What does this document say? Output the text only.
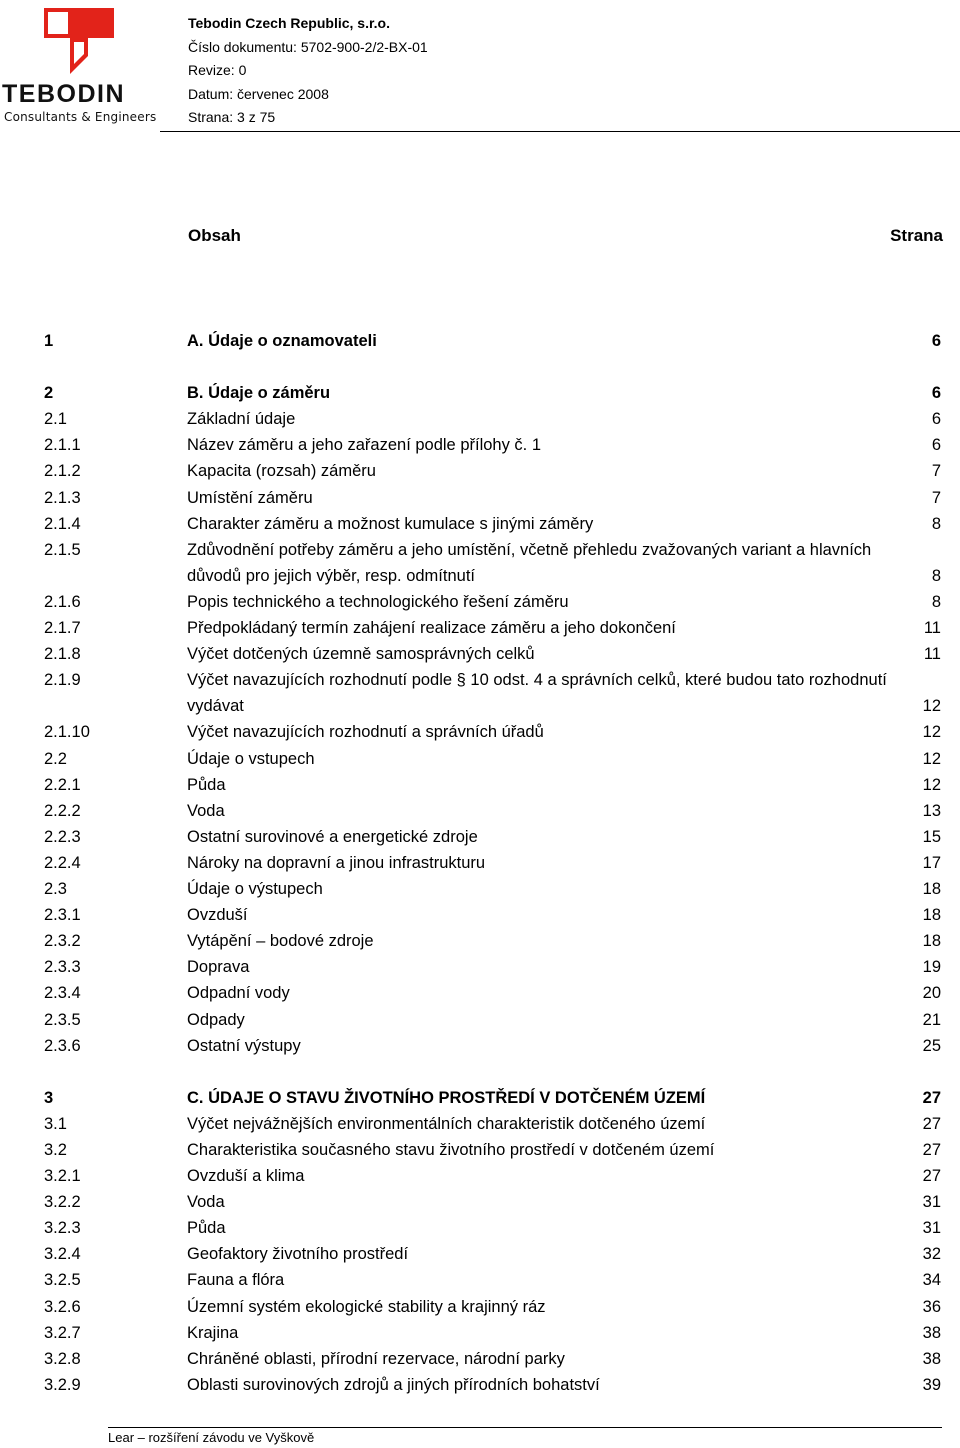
TEBODIN
Consultants & Engineers
Tebodin Czech Republic, s.r.o.
Číslo dokumentu: 5702-900-2/2-BX-01
Revize: 0
Datum: červenec 2008
Strana: 3 z 75
Obsah	Strana
1	A. Údaje o oznamovateli	6
2	B. Údaje o záměru	6
2.1	Základní údaje	6
2.1.1	Název záměru a jeho zařazení podle přílohy č. 1	6
2.1.2	Kapacita (rozsah) záměru	7
2.1.3	Umístění záměru	7
2.1.4	Charakter záměru a možnost kumulace s jinými záměry	8
2.1.5	Zdůvodnění potřeby záměru a jeho umístění, včetně přehledu zvažovaných variant a hlavních
důvodů pro jejich výběr, resp. odmítnutí	8
2.1.6	Popis technického a technologického řešení záměru	8
2.1.7	Předpokládaný termín zahájení realizace záměru a jeho dokončení	11
2.1.8	Výčet dotčených územně samosprávných celků	11
2.1.9	Výčet navazujících rozhodnutí podle § 10 odst. 4 a správních celků, které budou tato rozhodnutí
vydávat	12
2.1.10	Výčet navazujících rozhodnutí a správních úřadů	12
2.2	Údaje o vstupech	12
2.2.1	Půda	12
2.2.2	Voda	13
2.2.3	Ostatní surovinové a energetické zdroje	15
2.2.4	Nároky na dopravní a jinou infrastrukturu	17
2.3	Údaje o výstupech	18
2.3.1	Ovzduší	18
2.3.2	Vytápění – bodové zdroje	18
2.3.3	Doprava	19
2.3.4	Odpadní vody	20
2.3.5	Odpady	21
2.3.6	Ostatní výstupy	25
3	C. ÚDAJE O STAVU ŽIVOTNÍHO PROSTŘEDÍ V DOTČENÉM ÚZEMÍ	27
3.1	Výčet nejvážnějších environmentálních charakteristik dotčeného území	27
3.2	Charakteristika současného stavu životního prostředí v dotčeném území	27
3.2.1	Ovzduší a klima	27
3.2.2	Voda	31
3.2.3	Půda	31
3.2.4	Geofaktory životního prostředí	32
3.2.5	Fauna a flóra	34
3.2.6	Územní systém ekologické stability a krajinný ráz	36
3.2.7	Krajina	38
3.2.8	Chráněné oblasti, přírodní rezervace, národní parky	38
3.2.9	Oblasti surovinových zdrojů a jiných přírodních bohatství	39
Lear – rozšíření závodu ve Vyškově
